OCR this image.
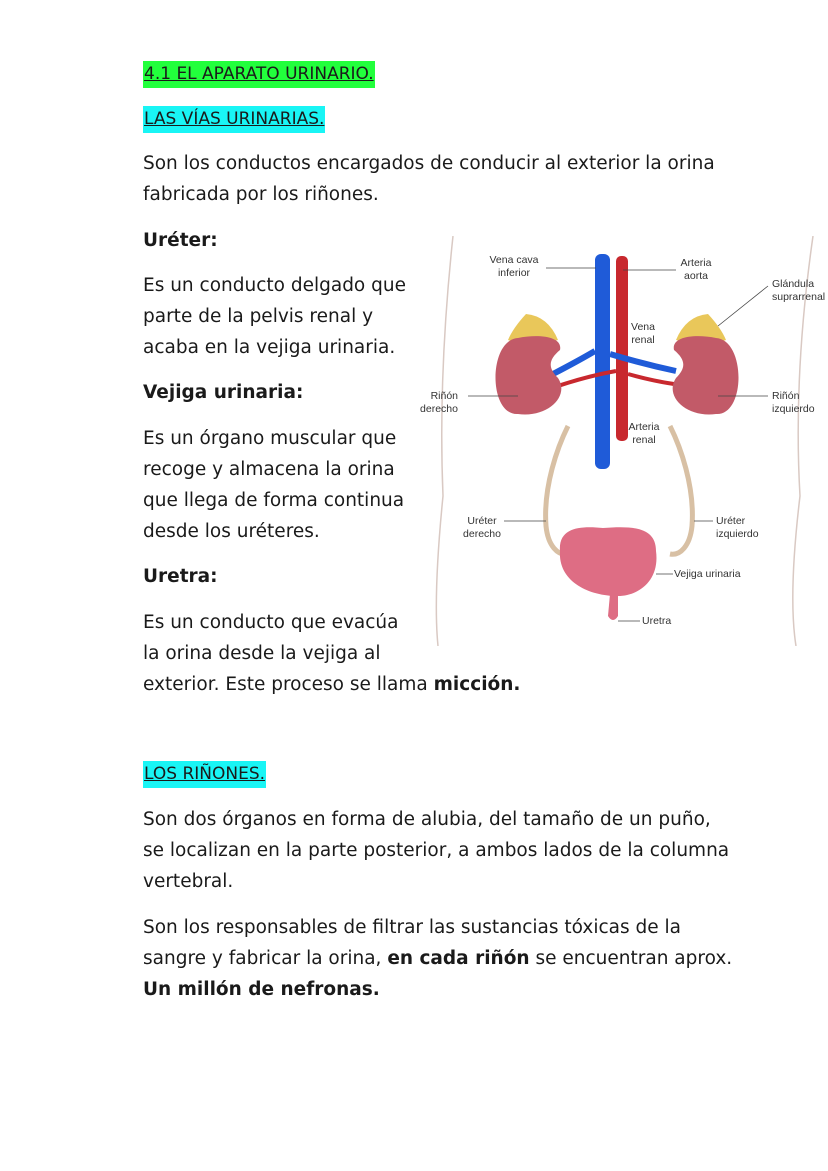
4.1 EL APARATO URINARIO.
LAS VÍAS URINARIAS.

Son los conductos encargados de conducir al exterior la orina

fabricada por los riñones.

Uréter:

Es un conducto delgado que

parte de la pelvis renal y

acaba en la vejiga urinaria.

Vejiga urinaria:

Es un órgano muscular que

recoge y almacena la orina

que llega de forma continua

desde los uréteres.

Uretra:

Es un conducto que evacúa

la orina desde la vejiga al

exterior. Este proceso se llama micción.

LOS RIÑONES.

Son dos órganos en forma de alubia, del tamaño de un puño,

se localizan en la parte posterior, a ambos lados de la columna

vertebral.

Son los responsables de filtrar las sustancias tóxicas de la

sangre y fabricar la orina, en cada riñón se encuentran aprox.

Un millón de nefronas.

Vena cava
inferior
Arteria
aorta
Glándula
suprarrenal
Vena
renal
Riñón
derecho
Riñón
izquierdo
Arteria
renal
Uréter
derecho
Uréter
izquierdo
Vejiga urinaria
Uretra
